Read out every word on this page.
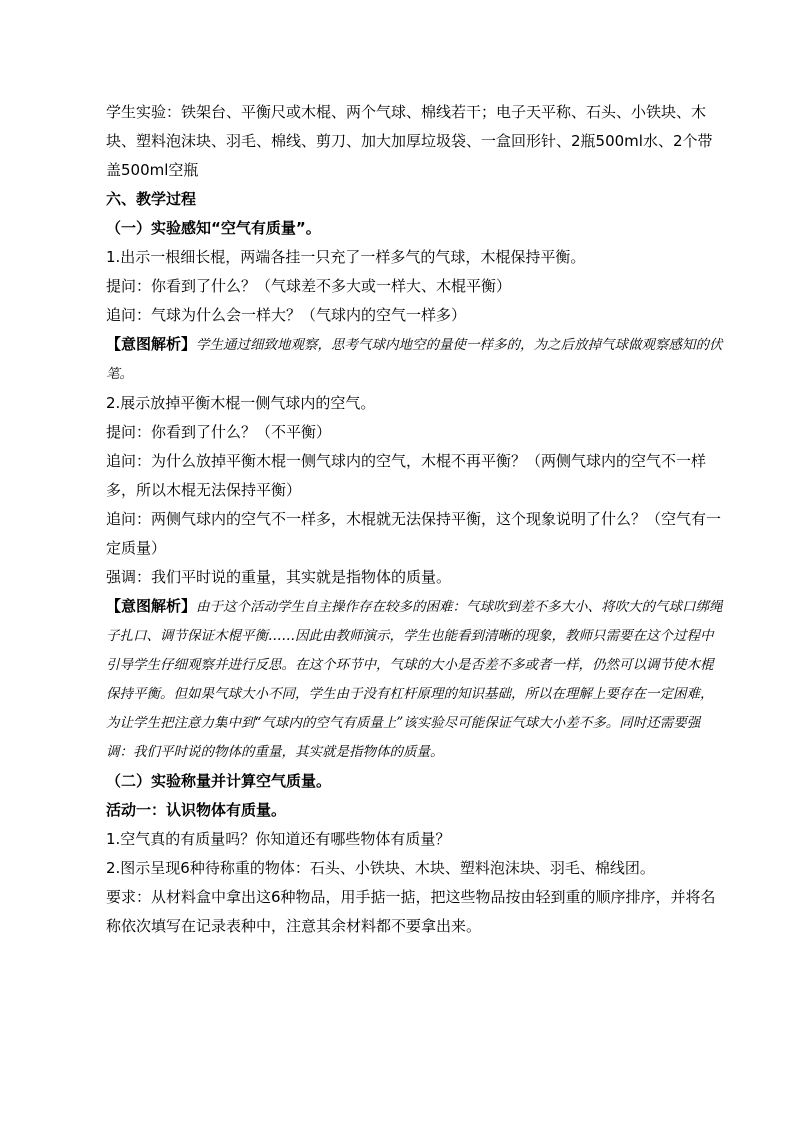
学生实验：铁架台、平衡尺或木棍、两个气球、棉线若干；电子天平称、石头、小铁块、木块、塑料泡沫块、羽毛、棉线、剪刀、加大加厚垃圾袋、一盒回形针、2瓶500ml水、2个带盖500ml空瓶

六、教学过程

（一）实验感知“空气有质量”。

1.出示一根细长棍，两端各挂一只充了一样多气的气球，木棍保持平衡。

提问：你看到了什么？（气球差不多大或一样大、木棍平衡）

追问：气球为什么会一样大？（气球内的空气一样多）

【意图解析】学生通过细致地观察，思考气球内地空的量使一样多的，为之后放掉气球做观察感知的伏笔。

2.展示放掉平衡木棍一侧气球内的空气。

提问：你看到了什么？（不平衡）

追问：为什么放掉平衡木棍一侧气球内的空气，木棍不再平衡？（两侧气球内的空气不一样多，所以木棍无法保持平衡）

追问：两侧气球内的空气不一样多，木棍就无法保持平衡，这个现象说明了什么？（空气有一定质量）

强调：我们平时说的重量，其实就是指物体的质量。

【意图解析】由于这个活动学生自主操作存在较多的困难：气球吹到差不多大小、将吹大的气球口绑绳子扎口、调节保证木棍平衡……因此由教师演示，学生也能看到清晰的现象，教师只需要在这个过程中引导学生仔细观察并进行反思。在这个环节中，气球的大小是否差不多或者一样，仍然可以调节使木棍保持平衡。但如果气球大小不同，学生由于没有杠杆原理的知识基础，所以在理解上要存在一定困难，为让学生把注意力集中到“气球内的空气有质量上”该实验尽可能保证气球大小差不多。同时还需要强调：我们平时说的物体的重量，其实就是指物体的质量。

（二）实验称量并计算空气质量。

活动一：认识物体有质量。

1.空气真的有质量吗？你知道还有哪些物体有质量？

2.图示呈现6种待称重的物体：石头、小铁块、木块、塑料泡沫块、羽毛、棉线团。

要求：从材料盒中拿出这6种物品，用手掂一掂，把这些物品按由轻到重的顺序排序，并将名称依次填写在记录表种中，注意其余材料都不要拿出来。
